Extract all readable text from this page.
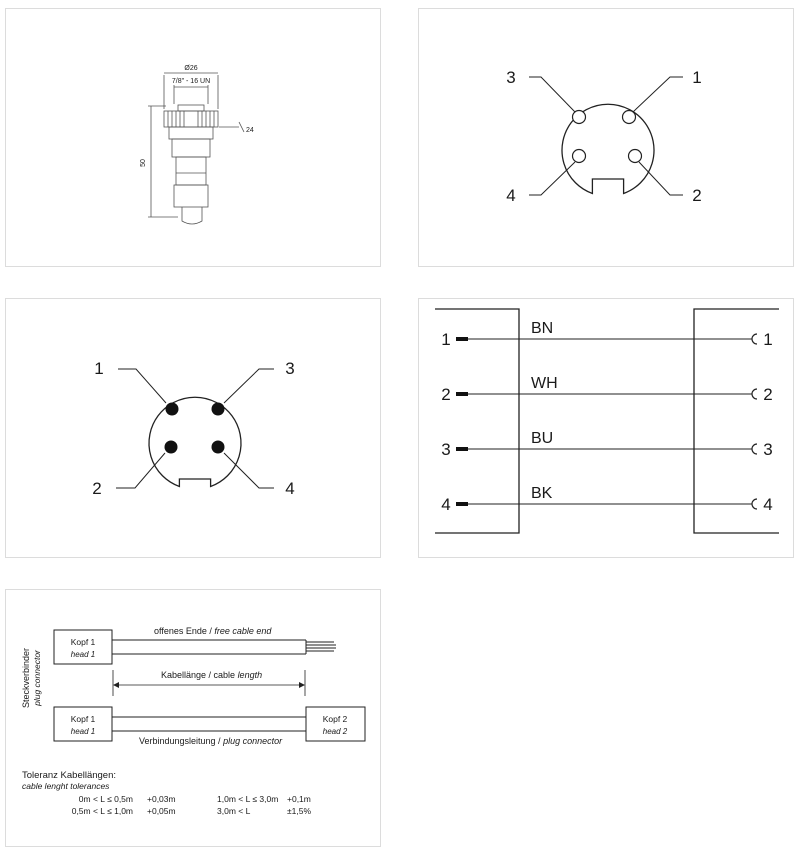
Ø26
7/8" - 16 UN
50
24
1
2
3
4
1
2
3
4
1
2
3
4
BN
WH
BU
BK
1
2
3
4
Steckverbinder plug connector
Kopf 1
head 1
offenes Ende / free cable end
Kabellänge / cable length
Kopf 1
head 1
Kopf 2
head 2
Verbindungsleitung / plug connector
Toleranz Kabellängen:
cable lenght tolerances
0m < L ≤ 0,5m +0,03m
0,5m < L ≤ 1,0m +0,05m
1,0m < L ≤ 3,0m +0,1m
3,0m < L	±1,5%
